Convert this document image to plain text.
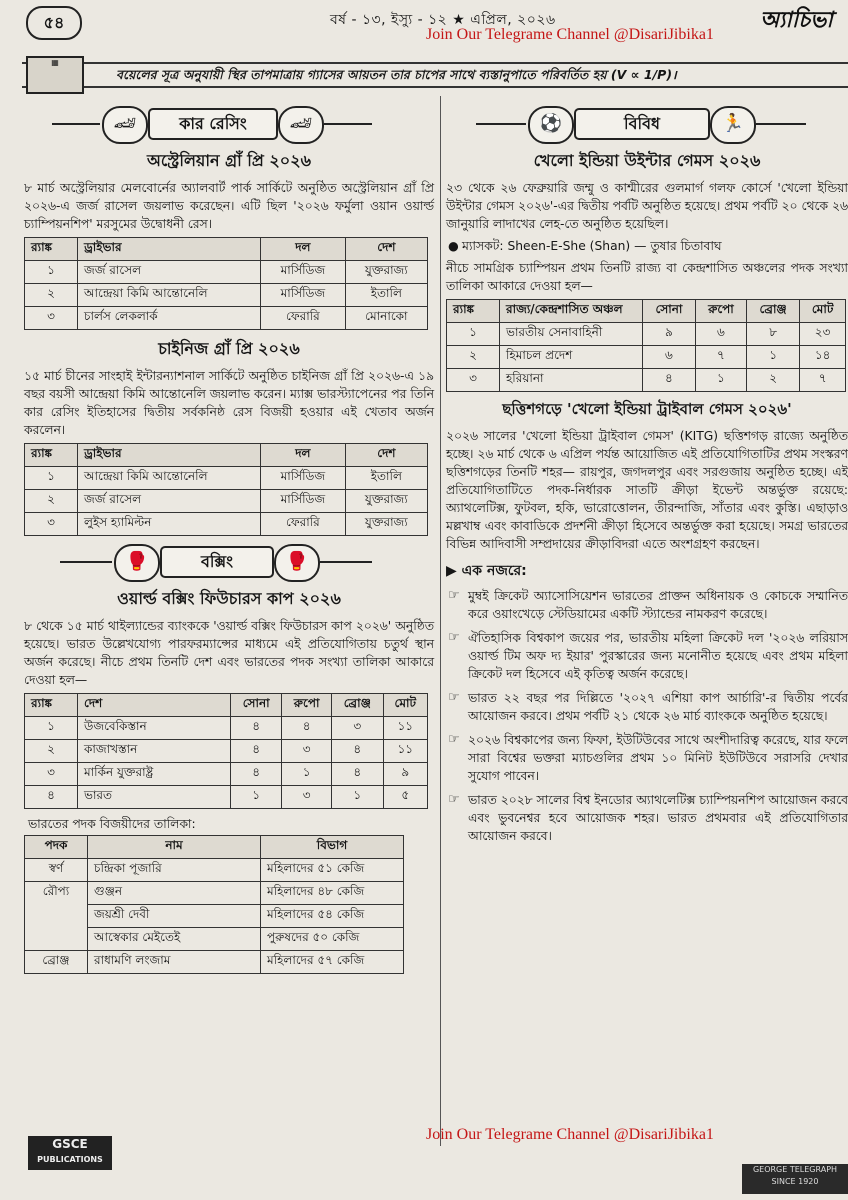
৫৪	বর্ষ - ১৩, ইস্যু - ১২ ★ এপ্রিল, ২০২৬	অ্যাচিভা
Join Our Telegrame Channel @DisariJibika1
▦
বয়েলের সূত্র অনুযায়ী স্থির তাপমাত্রায় গ্যাসের আয়তন তার চাপের সাথে ব্যস্তানুপাতে পরিবর্তিত হয় (V ∝ 1/P)।
🏎	কার রেসিং	🏎
অস্ট্রেলিয়ান গ্রাঁ প্রি ২০২৬

৮ মার্চ অস্ট্রেলিয়ার মেলবোর্নের অ্যালবার্ট পার্ক সার্কিটে অনুষ্ঠিত অস্ট্রেলিয়ান গ্রাঁ প্রি ২০২৬-এ জর্জ রাসেল জয়লাভ করেছেন। এটি ছিল '২০২৬ ফর্মুলা ওয়ান ওয়ার্ল্ড চ্যাম্পিয়নশিপ' মরসুমের উদ্বোধনী রেস।

র‍্যাঙ্ক	ড্রাইভার	দল	দেশ
১	জর্জ রাসেল	মার্সিডিজ	যুক্তরাজ্য
২	আন্দ্রেয়া কিমি আন্তোনেলি	মার্সিডিজ	ইতালি
৩	চার্লস লেকলার্ক	ফেরারি	মোনাকো
চাইনিজ গ্রাঁ প্রি ২০২৬

১৫ মার্চ চীনের সাংহাই ইন্টারন্যাশনাল সার্কিটে অনুষ্ঠিত চাইনিজ গ্রাঁ প্রি ২০২৬-এ ১৯ বছর বয়সী আন্দ্রেয়া কিমি আন্তোনেলি জয়লাভ করেন। ম্যাক্স ভারস্ট্যাপেনের পর তিনি কার রেসিং ইতিহাসের দ্বিতীয় সর্বকনিষ্ঠ রেস বিজয়ী হওয়ার এই খেতাব অর্জন করলেন।

র‍্যাঙ্ক	ড্রাইভার	দল	দেশ
১	আন্দ্রেয়া কিমি আন্তোনেলি	মার্সিডিজ	ইতালি
২	জর্জ রাসেল	মার্সিডিজ	যুক্তরাজ্য
৩	লুইস হ্যামিল্টন	ফেরারি	যুক্তরাজ্য
🥊	বক্সিং	🥊
ওয়ার্ল্ড বক্সিং ফিউচারস কাপ ২০২৬

৮ থেকে ১৫ মার্চ থাইল্যান্ডের ব্যাংককে 'ওয়ার্ল্ড বক্সিং ফিউচারস কাপ ২০২৬' অনুষ্ঠিত হয়েছে। ভারত উল্লেখযোগ্য পারফরম্যান্সের মাধ্যমে এই প্রতিযোগিতায় চতুর্থ স্থান অর্জন করেছে। নীচে প্রথম তিনটি দেশ এবং ভারতের পদক সংখ্যা তালিকা আকারে দেওয়া হল—

র‍্যাঙ্ক	দেশ	সোনা	রুপো	ব্রোঞ্জ	মোট
১	উজবেকিস্তান	৪	৪	৩	১১
২	কাজাখস্তান	৪	৩	৪	১১
৩	মার্কিন যুক্তরাষ্ট্র	৪	১	৪	৯
৪	ভারত	১	৩	১	৫

ভারতের পদক বিজয়ীদের তালিকা:

পদক	নাম	বিভাগ
স্বর্ণ	চন্দ্রিকা পূজারি	মহিলাদের ৫১ কেজি
রৌপ্য	গুঞ্জন	মহিলাদের ৪৮ কেজি
	জয়শ্রী দেবী	মহিলাদের ৫৪ কেজি
	আস্বেকার মেইতেই	পুরুষদের ৫০ কেজি
ব্রোঞ্জ	রাধামণি লংজাম	মহিলাদের ৫৭ কেজি
⚽	বিবিধ	🏃
খেলো ইন্ডিয়া উইন্টার গেমস ২০২৬

২৩ থেকে ২৬ ফেব্রুয়ারি জম্মু ও কাশ্মীরের গুলমার্গ গলফ কোর্সে 'খেলো ইন্ডিয়া উইন্টার গেমস ২০২৬'-এর দ্বিতীয় পর্বটি অনুষ্ঠিত হয়েছে। প্রথম পর্বটি ২০ থেকে ২৬ জানুয়ারি লাদাখের লেহ-তে অনুষ্ঠিত হয়েছিল।

● ম্যাসকট: Sheen-E-She (Shan) — তুষার চিতাবাঘ

নীচে সামগ্রিক চ্যাম্পিয়ন প্রথম তিনটি রাজ্য বা কেন্দ্রশাসিত অঞ্চলের পদক সংখ্যা তালিকা আকারে দেওয়া হল—

র‍্যাঙ্ক	রাজ্য/কেন্দ্রশাসিত অঞ্চল	সোনা	রুপো	ব্রোঞ্জ	মোট
১	ভারতীয় সেনাবাহিনী	৯	৬	৮	২৩
২	হিমাচল প্রদেশ	৬	৭	১	১৪
৩	হরিয়ানা	৪	১	২	৭
ছত্তিশগড়ে 'খেলো ইন্ডিয়া ট্রাইবাল গেমস ২০২৬'

২০২৬ সালের 'খেলো ইন্ডিয়া ট্রাইবাল গেমস' (KITG) ছত্তিশগড় রাজ্যে অনুষ্ঠিত হচ্ছে। ২৬ মার্চ থেকে ৬ এপ্রিল পর্যন্ত আয়োজিত এই প্রতিযোগিতাটির প্রথম সংস্করণ ছত্তিশগড়ের তিনটি শহর— রায়পুর, জগদলপুর এবং সরগুজায় অনুষ্ঠিত হচ্ছে। এই প্রতিযোগিতাটিতে পদক-নির্ধারক সাতটি ক্রীড়া ইভেন্ট অন্তর্ভুক্ত রয়েছে: অ্যাথলেটিক্স, ফুটবল, হকি, ভারোত্তোলন, তীরন্দাজি, সাঁতার এবং কুস্তি। এছাড়াও মল্লখাম্ব এবং কাবাডিকে প্রদর্শনী ক্রীড়া হিসেবে অন্তর্ভুক্ত করা হয়েছে। সমগ্র ভারতের বিভিন্ন আদিবাসী সম্প্রদায়ের ক্রীড়াবিদরা এতে অংশগ্রহণ করছেন।

▶ এক নজরে:
☞ মুম্বই ক্রিকেট অ্যাসোসিয়েশন ভারতের প্রাক্তন অধিনায়ক ও কোচকে সম্মানিত করে ওয়াংখেড়ে স্টেডিয়ামের একটি স্ট্যান্ডের নামকরণ করেছে।
☞ ঐতিহাসিক বিশ্বকাপ জয়ের পর, ভারতীয় মহিলা ক্রিকেট দল '২০২৬ লরিয়াস ওয়ার্ল্ড টিম অফ দ্য ইয়ার' পুরস্কারের জন্য মনোনীত হয়েছে এবং প্রথম মহিলা ক্রিকেট দল হিসেবে এই কৃতিত্ব অর্জন করেছে।
☞ ভারত ২২ বছর পর দিল্লিতে '২০২৭ এশিয়া কাপ আর্চারি'-র দ্বিতীয় পর্বের আয়োজন করবে। প্রথম পর্বটি ২১ থেকে ২৬ মার্চ ব্যাংককে অনুষ্ঠিত হয়েছে।
☞ ২০২৬ বিশ্বকাপের জন্য ফিফা, ইউটিউবের সাথে অংশীদারিত্ব করেছে, যার ফলে সারা বিশ্বের ভক্তরা ম্যাচগুলির প্রথম ১০ মিনিট ইউটিউবে সরাসরি দেখার সুযোগ পাবেন।
☞ ভারত ২০২৮ সালের বিশ্ব ইনডোর অ্যাথলেটিক্স চ্যাম্পিয়নশিপ আয়োজন করবে এবং ভুবনেশ্বর হবে আয়োজক শহর। ভারত প্রথমবার এই প্রতিযোগিতার আয়োজন করবে।
GSCE
PUBLICATIONS
Join Our Telegrame Channel @DisariJibika1
GEORGE TELEGRAPH
SINCE 1920
